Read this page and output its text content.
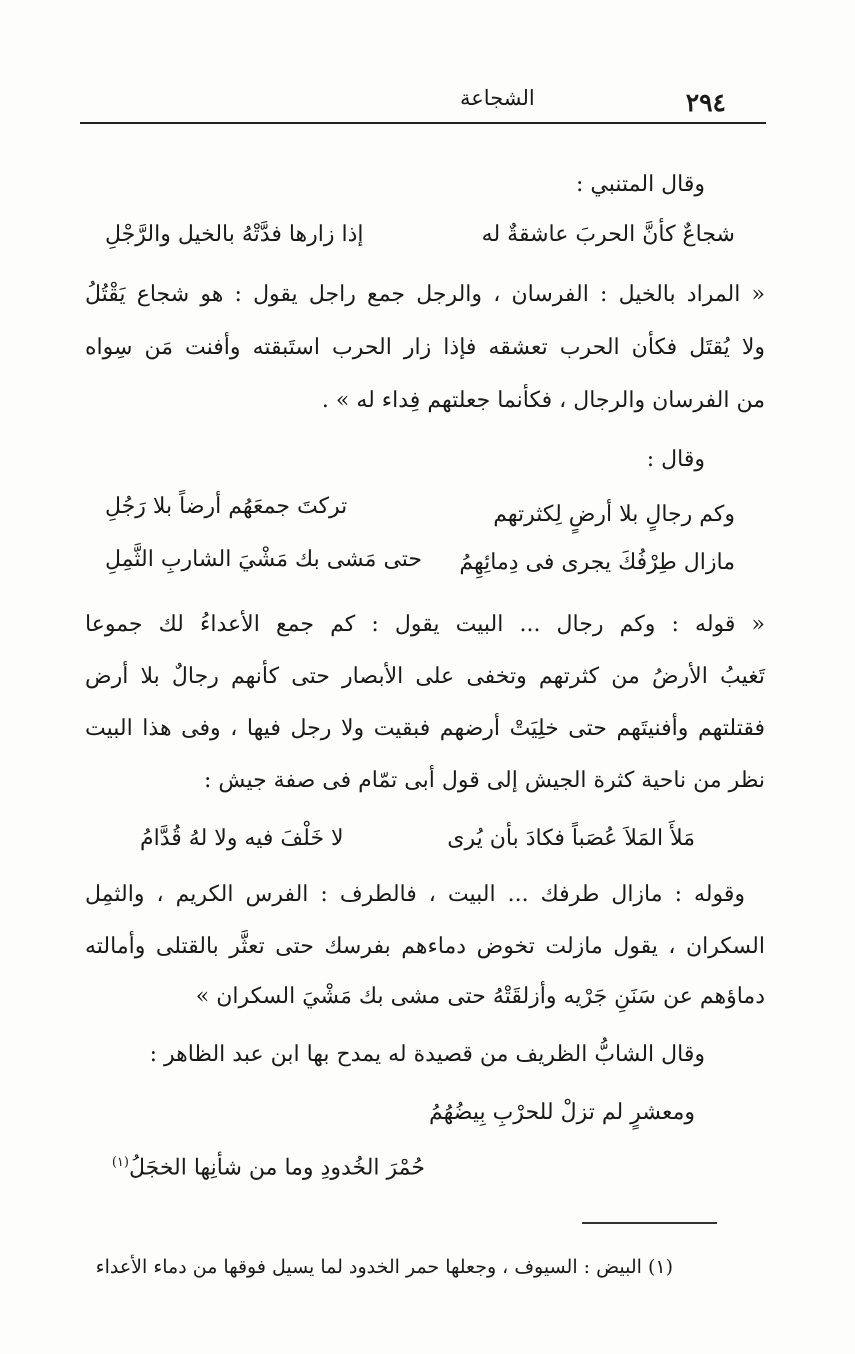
٢٩٤
الشجاعة
وقال المتنبي :
شجاعٌ كأنَّ الحربَ عاشقةٌ له
إذا زارها فدَّتْهُ بالخيل والرَّجْلِ
« المراد بالخيل : الفرسان ، والرجل جمع راجل يقول : هو شجاع يَقْتُلُ
ولا يُقتَل فكأن الحرب تعشقه فإذا زار الحرب استَبقته وأفنت مَن سِواه
من الفرسان والرجال ، فكأنما جعلتهم فِداء له » .
وقال :
وكم رجالٍ بلا أرضٍ لِكثرتهم
تركتَ جمعَهُم أرضاً بلا رَجُلِ
مازال طِرْفُكَ يجرى فى دِمائِهِمُ
حتى مَشى بك مَشْيَ الشاربِ الثَّمِلِ
« قوله : وكم رجال ... البيت يقول : كم جمع الأعداءُ لك جموعا
تَغيبُ الأرضُ من كثرتهم وتخفى على الأبصار حتى كأنهم رجالٌ بلا أرض
فقتلتهم وأفنيتَهم حتى خلِيَتْ أرضهم فبقيت ولا رجل فيها ، وفى هذا البيت
نظر من ناحية كثرة الجيش إلى قول أبى تمّام فى صفة جيش :
مَلأَ المَلاَ عُصَباً فكادَ بأن يُرى
لا خَلْفَ فيه ولا لهُ قُدَّامُ
وقوله : مازال طرفك ... البيت ، فالطرف : الفرس الكريم ، والثمِل
السكران ، يقول مازلت تخوض دماءهم بفرسك حتى تعثَّر بالقتلى وأمالته
دماؤهم عن سَنَنِ جَرْيه وأزلقَتْهُ حتى مشى بك مَشْيَ السكران »
وقال الشابُّ الظريف من قصيدة له يمدح بها ابن عبد الظاهر :
ومعشرٍ لم تزلْ للحرْبِ بِيضُهُمُ
حُمْرَ الخُدودِ وما من شأنِها الخجَلُ$^{(١)}$
(١) البيض : السيوف ، وجعلها حمر الخدود لما يسيل فوقها من دماء الأعداء
